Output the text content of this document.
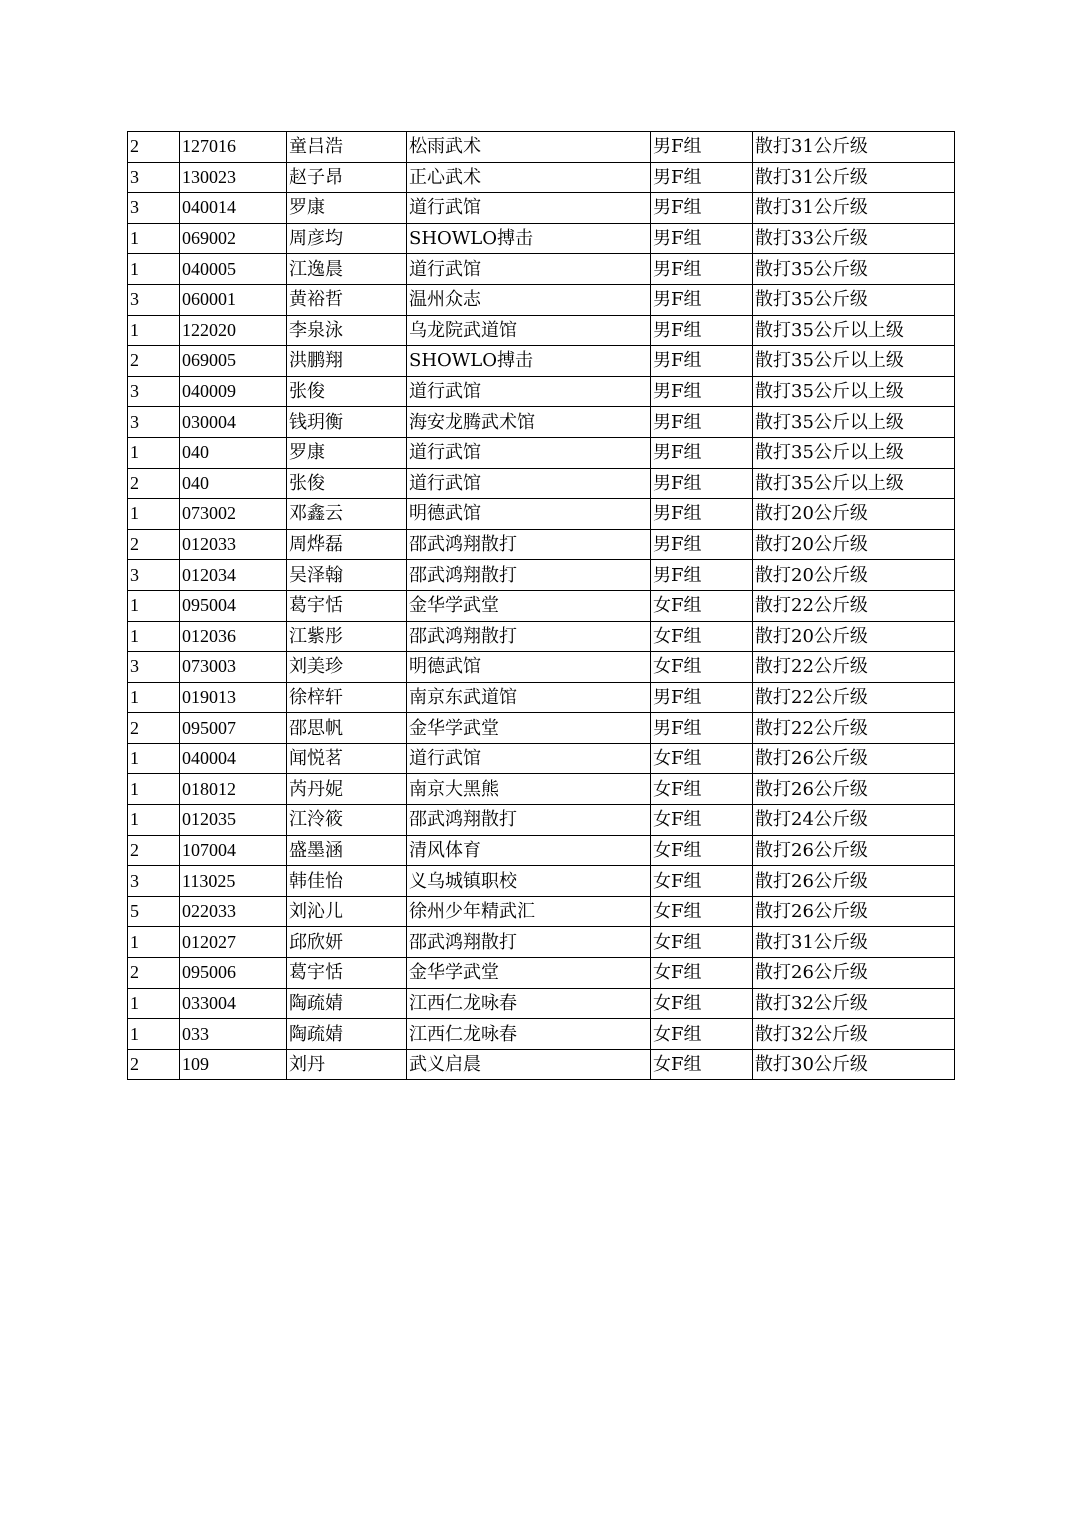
2	127016	童吕浩	松雨武术	男F组	散打31公斤级
3	130023	赵子昂	正心武术	男F组	散打31公斤级
3	040014	罗康	道行武馆	男F组	散打31公斤级
1	069002	周彦均	SHOWLO搏击	男F组	散打33公斤级
1	040005	江逸晨	道行武馆	男F组	散打35公斤级
3	060001	黄裕哲	温州众志	男F组	散打35公斤级
1	122020	李泉泳	乌龙院武道馆	男F组	散打35公斤以上级
2	069005	洪鹏翔	SHOWLO搏击	男F组	散打35公斤以上级
3	040009	张俊	道行武馆	男F组	散打35公斤以上级
3	030004	钱玥衡	海安龙腾武术馆	男F组	散打35公斤以上级
1	040	罗康	道行武馆	男F组	散打35公斤以上级
2	040	张俊	道行武馆	男F组	散打35公斤以上级
1	073002	邓鑫云	明德武馆	男F组	散打20公斤级
2	012033	周烨磊	邵武鸿翔散打	男F组	散打20公斤级
3	012034	吴泽翰	邵武鸿翔散打	男F组	散打20公斤级
1	095004	葛宇恬	金华学武堂	女F组	散打22公斤级
1	012036	江紫彤	邵武鸿翔散打	女F组	散打20公斤级
3	073003	刘美珍	明德武馆	女F组	散打22公斤级
1	019013	徐梓轩	南京东武道馆	男F组	散打22公斤级
2	095007	邵思帆	金华学武堂	男F组	散打22公斤级
1	040004	闻悦茗	道行武馆	女F组	散打26公斤级
1	018012	芮丹妮	南京大黑熊	女F组	散打26公斤级
1	012035	江泠筱	邵武鸿翔散打	女F组	散打24公斤级
2	107004	盛墨涵	清风体育	女F组	散打26公斤级
3	113025	韩佳怡	义乌城镇职校	女F组	散打26公斤级
5	022033	刘沁儿	徐州少年精武汇	女F组	散打26公斤级
1	012027	邱欣妍	邵武鸿翔散打	女F组	散打31公斤级
2	095006	葛宇恬	金华学武堂	女F组	散打26公斤级
1	033004	陶疏婧	江西仁龙咏春	女F组	散打32公斤级
1	033	陶疏婧	江西仁龙咏春	女F组	散打32公斤级
2	109	刘丹	武义启晨	女F组	散打30公斤级
